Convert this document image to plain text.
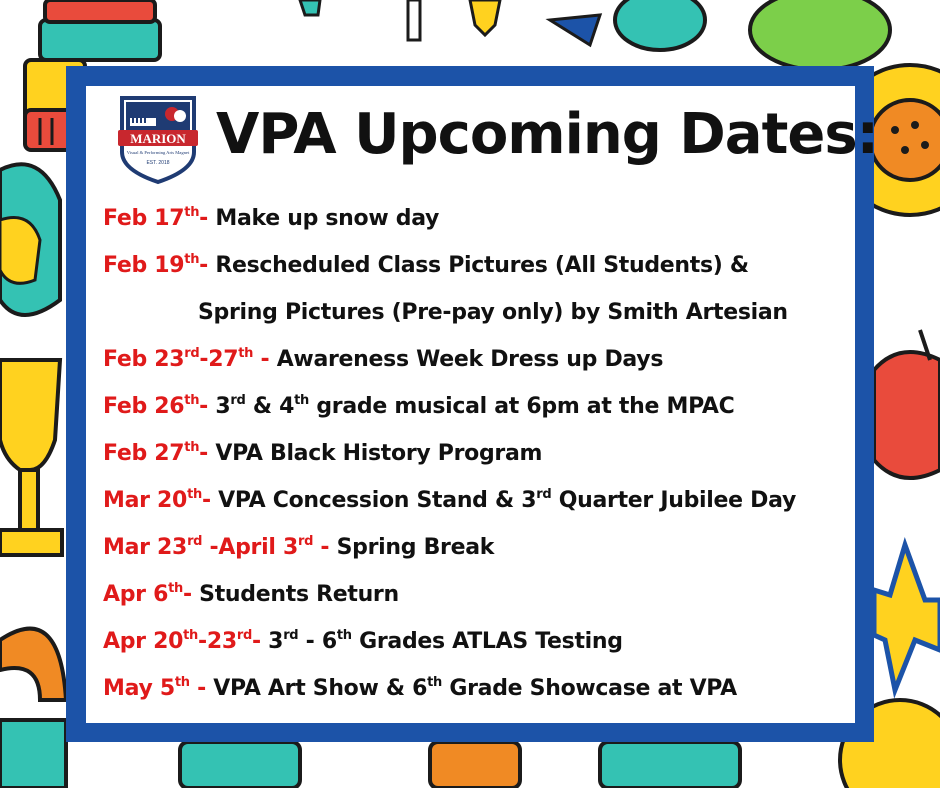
MARION
Visual & Performing Arts Magnet
EST. 2018 VPA Upcoming Dates:
Feb 17th- Make up snow day
Feb 19th- Rescheduled Class Pictures (All Students) &
Spring Pictures (Pre-pay only) by Smith Artesian
Feb 23rd-27th - Awareness Week Dress up Days
Feb 26th- 3rd & 4th grade musical at 6pm at the MPAC
Feb 27th- VPA Black History Program
Mar 20th- VPA Concession Stand & 3rd Quarter Jubilee Day
Mar 23rd -April 3rd - Spring Break
Apr 6th- Students Return
Apr 20th-23rd- 3rd - 6th Grades ATLAS Testing
May 5th - VPA Art Show & 6th Grade Showcase at VPA
